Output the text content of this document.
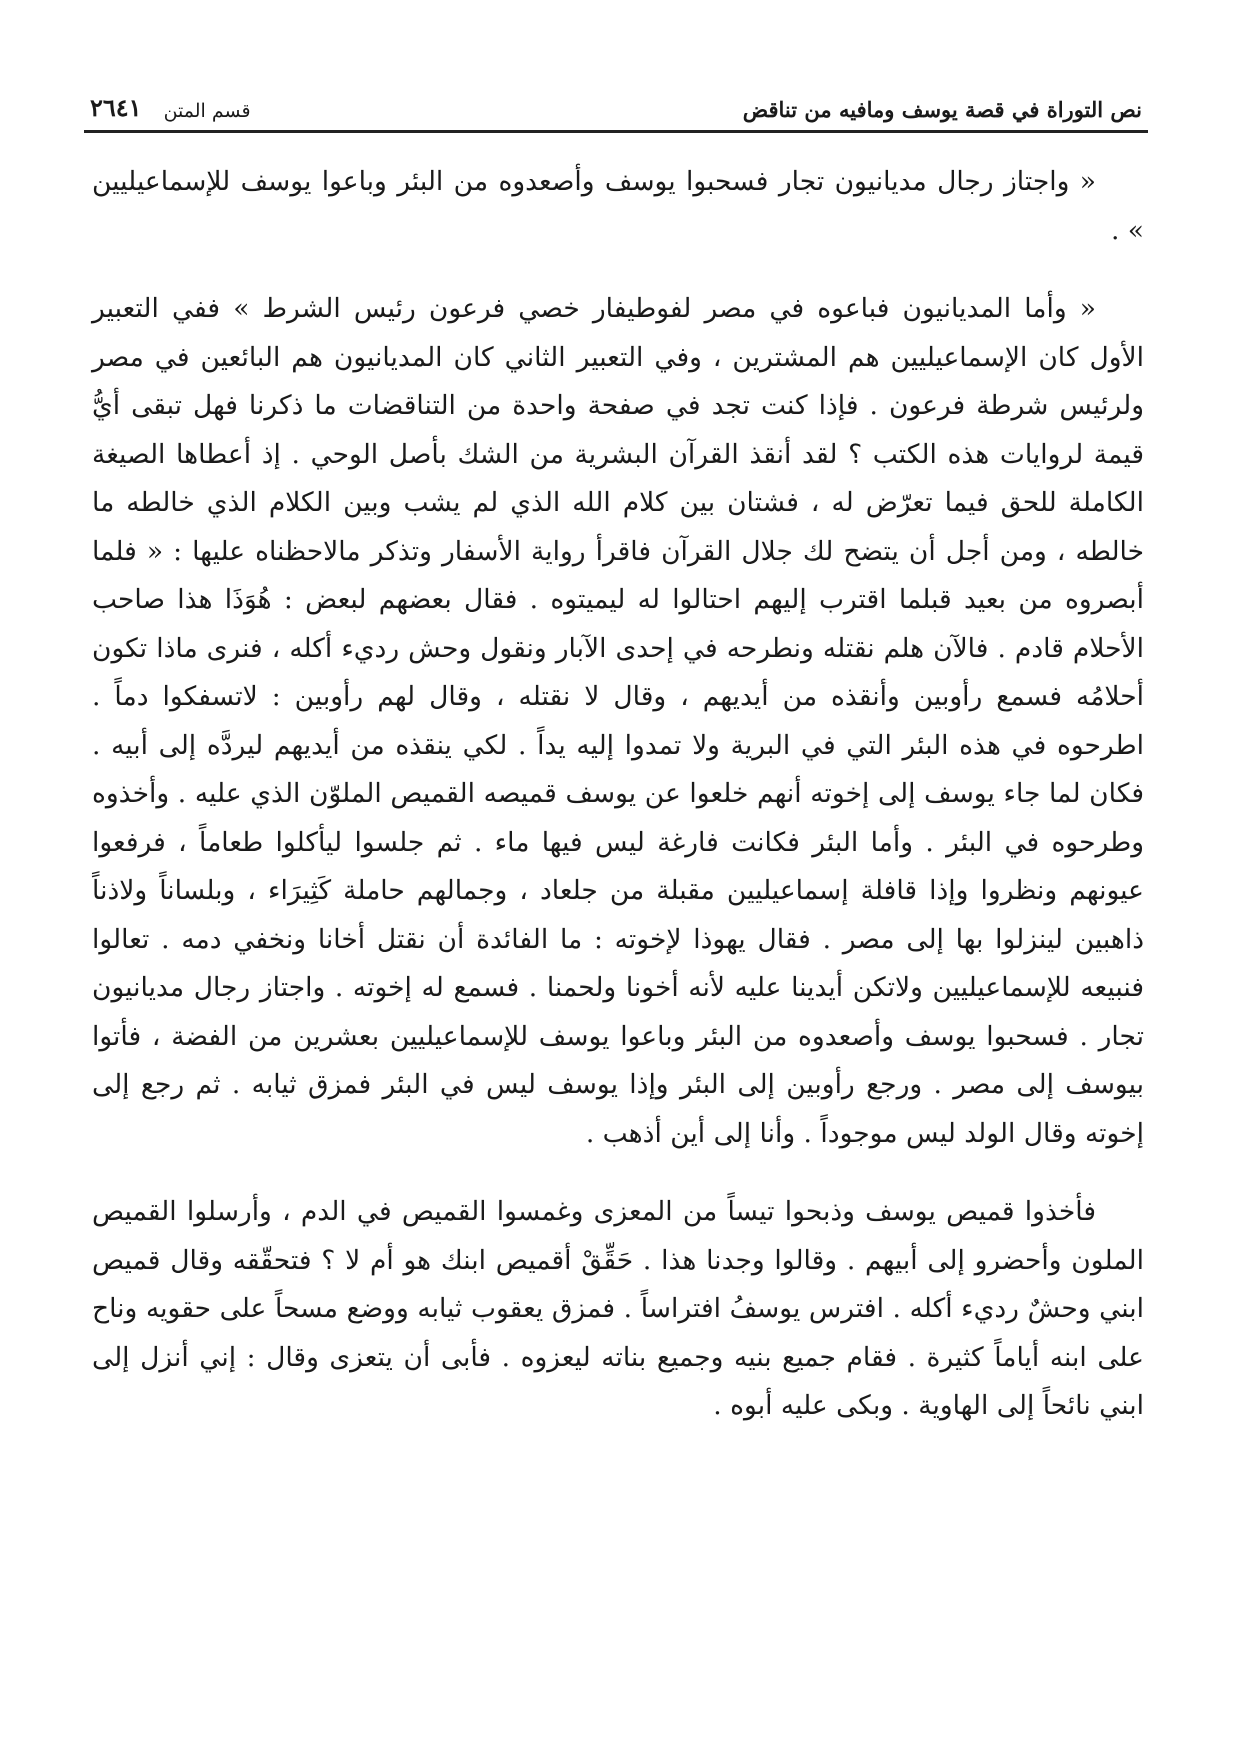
نص التوراة في قصة يوسف ومافيه من تناقض
قسم المتن
٢٦٤١

« واجتاز رجال مديانيون تجار فسحبوا يوسف وأصعدوه من البئر وباعوا يوسف للإسماعيليين » .

« وأما المديانيون فباعوه في مصر لفوطيفار خصي فرعون رئيس الشرط » ففي التعبير الأول كان الإسماعيليين هم المشترين ، وفي التعبير الثاني كان المديانيون هم البائعين في مصر ولرئيس شرطة فرعون . فإذا كنت تجد في صفحة واحدة من التناقضات ما ذكرنا فهل تبقى أيُّ قيمة لروايات هذه الكتب ؟ لقد أنقذ القرآن البشرية من الشك بأصل الوحي . إذ أعطاها الصيغة الكاملة للحق فيما تعرّض له ، فشتان بين كلام الله الذي لم يشب وبين الكلام الذي خالطه ما خالطه ، ومن أجل أن يتضح لك جلال القرآن فاقرأ رواية الأسفار وتذكر مالاحظناه عليها : « فلما أبصروه من بعيد قبلما اقترب إليهم احتالوا له ليميتوه . فقال بعضهم لبعض : هُوَذَا هذا صاحب الأحلام قادم . فالآن هلم نقتله ونطرحه في إحدى الآبار ونقول وحش رديء أكله ، فنرى ماذا تكون أحلامُه فسمع رأوبين وأنقذه من أيديهم ، وقال لا نقتله ، وقال لهم رأوبين : لاتسفكوا دماً . اطرحوه في هذه البئر التي في البرية ولا تمدوا إليه يداً . لكي ينقذه من أيديهم ليردَّه إلى أبيه . فكان لما جاء يوسف إلى إخوته أنهم خلعوا عن يوسف قميصه القميص الملوّن الذي عليه . وأخذوه وطرحوه في البئر . وأما البئر فكانت فارغة ليس فيها ماء . ثم جلسوا ليأكلوا طعاماً ، فرفعوا عيونهم ونظروا وإذا قافلة إسماعيليين مقبلة من جلعاد ، وجمالهم حاملة كَثِيرَاء ، وبلساناً ولاذناً ذاهبين لينزلوا بها إلى مصر . فقال يهوذا لإخوته : ما الفائدة أن نقتل أخانا ونخفي دمه . تعالوا فنبيعه للإسماعيليين ولاتكن أيدينا عليه لأنه أخونا ولحمنا . فسمع له إخوته . واجتاز رجال مديانيون تجار . فسحبوا يوسف وأصعدوه من البئر وباعوا يوسف للإسماعيليين بعشرين من الفضة ، فأتوا بيوسف إلى مصر . ورجع رأوبين إلى البئر وإذا يوسف ليس في البئر فمزق ثيابه . ثم رجع إلى إخوته وقال الولد ليس موجوداً . وأنا إلى أين أذهب .

فأخذوا قميص يوسف وذبحوا تيساً من المعزى وغمسوا القميص في الدم ، وأرسلوا القميص الملون وأحضرو إلى أبيهم . وقالوا وجدنا هذا . حَقِّقْ أقميص ابنك هو أم لا ؟ فتحقّقه وقال قميص ابني وحشٌ رديء أكله . افترس يوسفُ افتراساً . فمزق يعقوب ثيابه ووضع مسحاً على حقويه وناح على ابنه أياماً كثيرة . فقام جميع بنيه وجميع بناته ليعزوه . فأبى أن يتعزى وقال : إني أنزل إلى ابني نائحاً إلى الهاوية . وبكى عليه أبوه .
